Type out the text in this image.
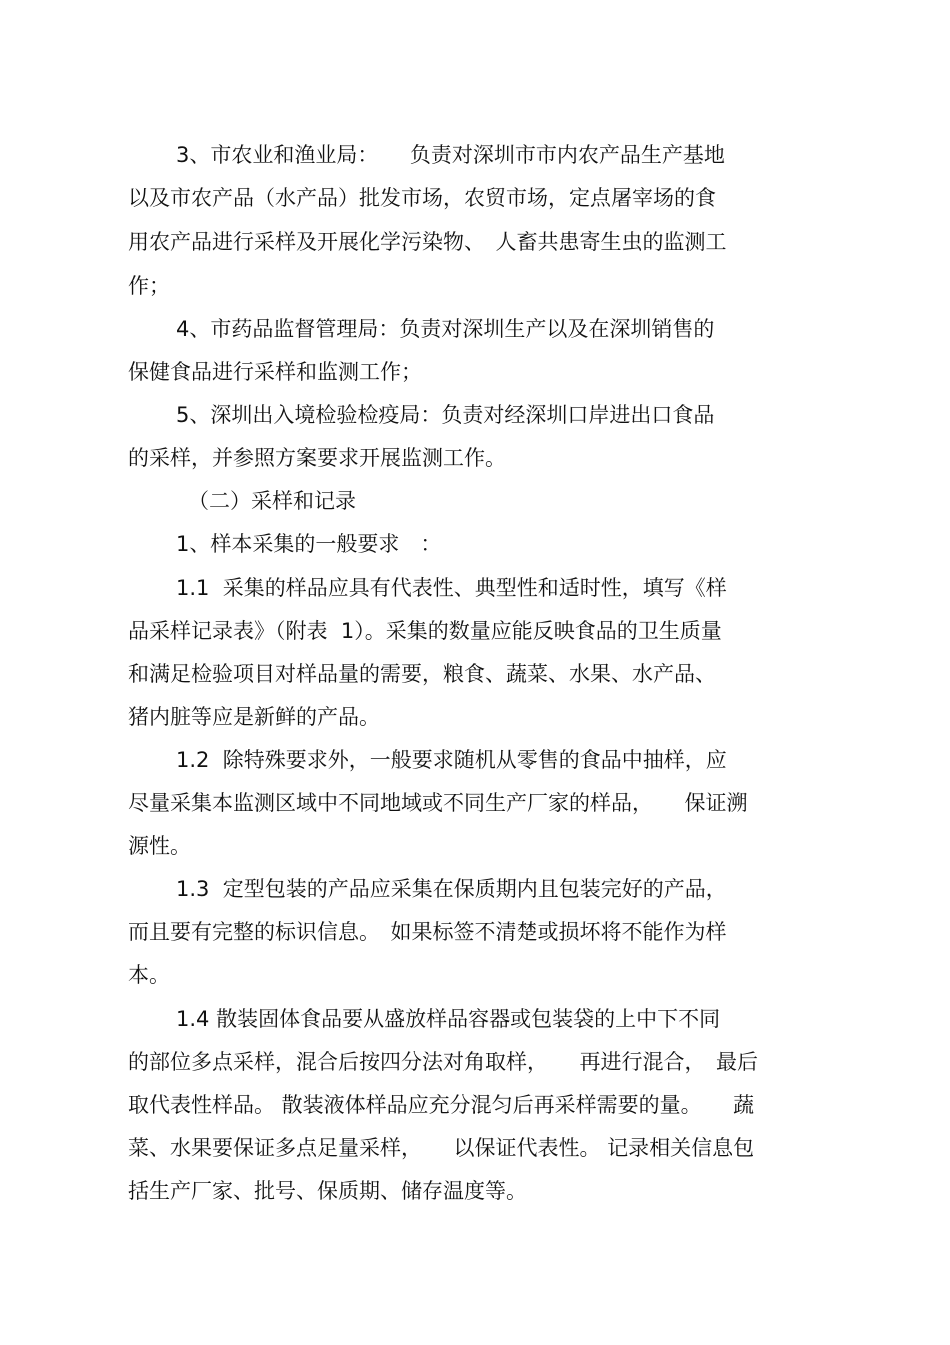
3、市农业和渔业局：　　负责对深圳市市内农产品生产基地
以及市农产品（水产品）批发市场，农贸市场，定点屠宰场的食
用农产品进行采样及开展化学污染物、　人畜共患寄生虫的监测工
作；
4、市药品监督管理局：负责对深圳生产以及在深圳销售的
保健食品进行采样和监测工作；
5、深圳出入境检验检疫局：负责对经深圳口岸进出口食品
的采样，并参照方案要求开展监测工作。
（二）采样和记录
1、样本采集的一般要求　：
1.1  采集的样品应具有代表性、典型性和适时性，填写《样
品采样记录表》（附表  1）。采集的数量应能反映食品的卫生质量
和满足检验项目对样品量的需要，粮食、蔬菜、水果、水产品、
猪内脏等应是新鲜的产品。
1.2  除特殊要求外，一般要求随机从零售的食品中抽样，应
尽量采集本监测区域中不同地域或不同生产厂家的样品，　　保证溯
源性。
1.3  定型包装的产品应采集在保质期内且包装完好的产品，
而且要有完整的标识信息。　如果标签不清楚或损坏将不能作为样
本。
1.4 散装固体食品要从盛放样品容器或包装袋的上中下不同
的部位多点采样，混合后按四分法对角取样，　　再进行混合，　最后
取代表性样品。 散装液体样品应充分混匀后再采样需要的量。　　蔬
菜、水果要保证多点足量采样，　　以保证代表性。 记录相关信息包
括生产厂家、批号、保质期、储存温度等。
